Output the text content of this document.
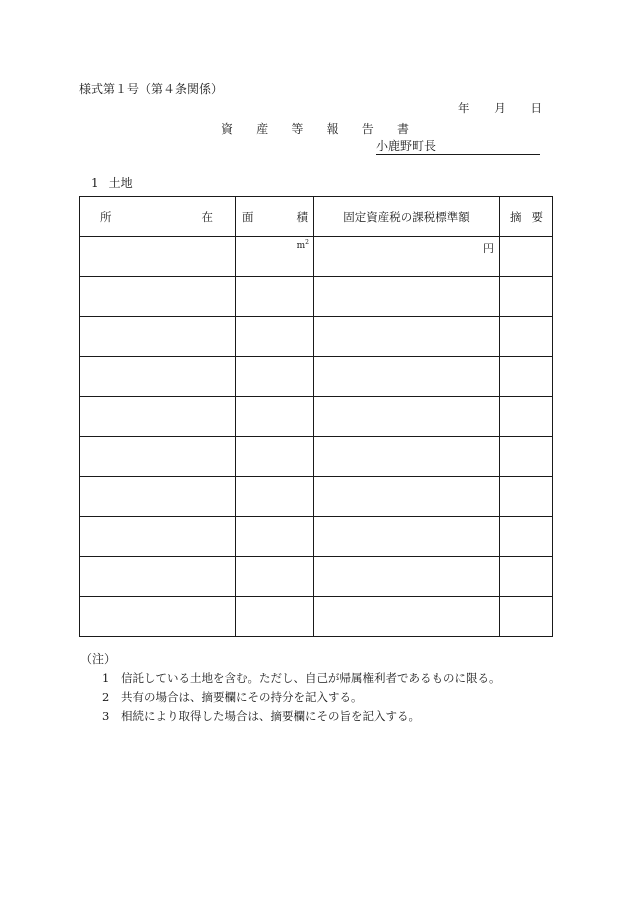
様式第１号（第４条関係）
年 月 日
資 産 等 報 告 書
小鹿野町長
1 土地
所 在	面 積	固定資産税の課税標準額	摘 要

	$m^2$	円	

（注）
1 信託している土地を含む。ただし、自己が帰属権利者であるものに限る。
2 共有の場合は、摘要欄にその持分を記入する。
3 相続により取得した場合は、摘要欄にその旨を記入する。
